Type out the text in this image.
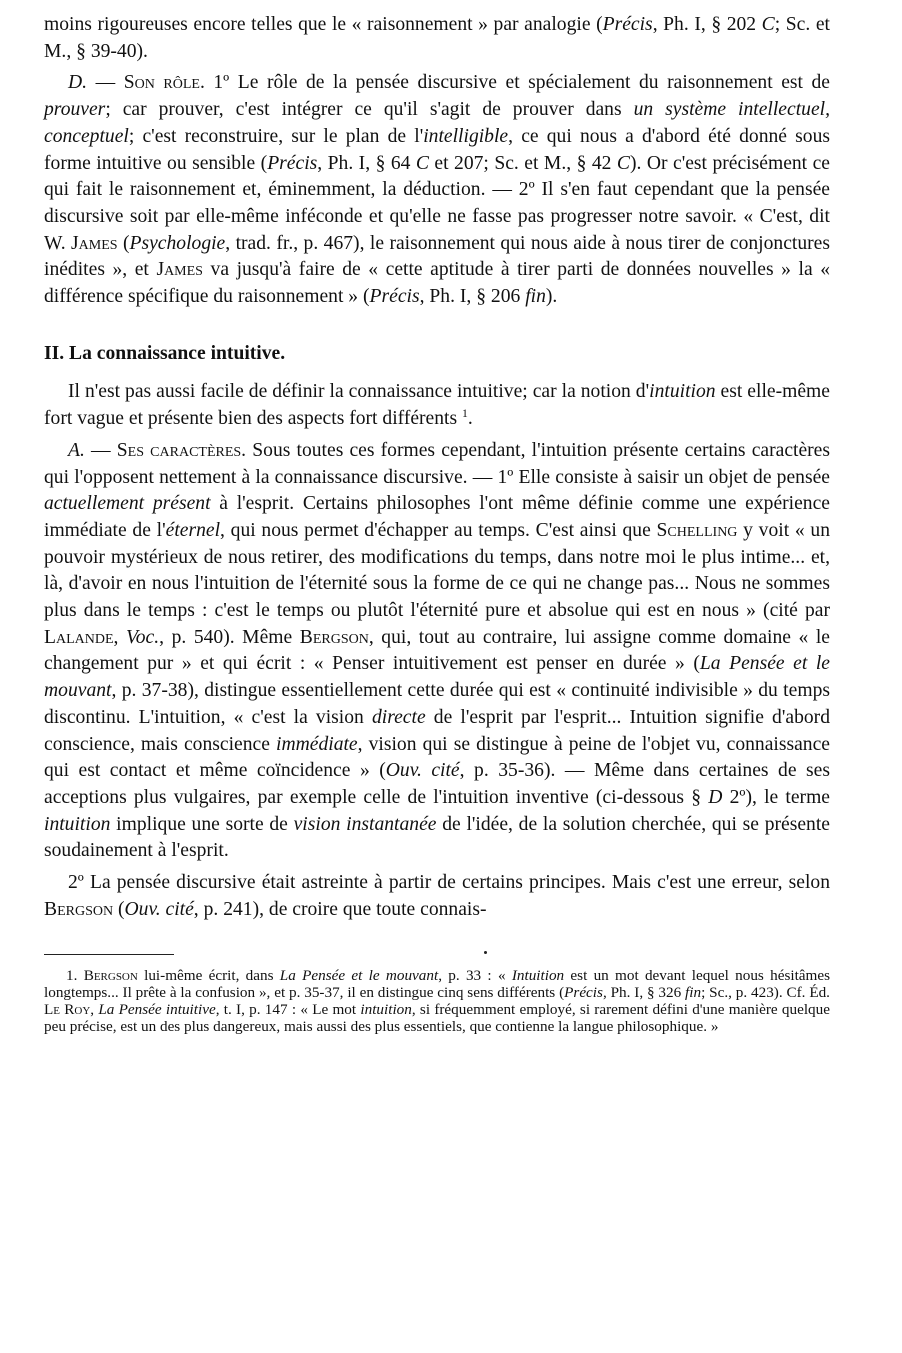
moins rigoureuses encore telles que le « raisonnement » par analogie (Précis, Ph. I, § 202 C; Sc. et M., § 39-40).

D. — Son rôle. 1º Le rôle de la pensée discursive et spécialement du raisonnement est de prouver; car prouver, c'est intégrer ce qu'il s'agit de prouver dans un système intellectuel, conceptuel; c'est reconstruire, sur le plan de l'intelligible, ce qui nous a d'abord été donné sous forme intuitive ou sensible (Précis, Ph. I, § 64 C et 207; Sc. et M., § 42 C). Or c'est précisément ce qui fait le raisonnement et, éminemment, la déduction. — 2º Il s'en faut cependant que la pensée discursive soit par elle-même inféconde et qu'elle ne fasse pas progresser notre savoir. « C'est, dit W. James (Psychologie, trad. fr., p. 467), le raisonnement qui nous aide à nous tirer de conjonctures inédites », et James va jusqu'à faire de « cette aptitude à tirer parti de données nouvelles » la « différence spécifique du raisonnement » (Précis, Ph. I, § 206 fin).

II. La connaissance intuitive.

Il n'est pas aussi facile de définir la connaissance intuitive; car la notion d'intuition est elle-même fort vague et présente bien des aspects fort différents $^1$.

A. — Ses caractères. Sous toutes ces formes cependant, l'intuition présente certains caractères qui l'opposent nettement à la connaissance discursive. — 1º Elle consiste à saisir un objet de pensée actuellement présent à l'esprit. Certains philosophes l'ont même définie comme une expérience immédiate de l'éternel, qui nous permet d'échapper au temps. C'est ainsi que Schelling y voit « un pouvoir mystérieux de nous retirer, des modifications du temps, dans notre moi le plus intime... et, là, d'avoir en nous l'intuition de l'éternité sous la forme de ce qui ne change pas... Nous ne sommes plus dans le temps : c'est le temps ou plutôt l'éternité pure et absolue qui est en nous » (cité par Lalande, Voc., p. 540). Même Bergson, qui, tout au contraire, lui assigne comme domaine « le changement pur » et qui écrit : « Penser intuitivement est penser en durée » (La Pensée et le mouvant, p. 37-38), distingue essentiellement cette durée qui est « continuité indivisible » du temps discontinu. L'intuition, « c'est la vision directe de l'esprit par l'esprit... Intuition signifie d'abord conscience, mais conscience immédiate, vision qui se distingue à peine de l'objet vu, connaissance qui est contact et même coïncidence » (Ouv. cité, p. 35-36). — Même dans certaines de ses acceptions plus vulgaires, par exemple celle de l'intuition inventive (ci-dessous § D 2º), le terme intuition implique une sorte de vision instantanée de l'idée, de la solution cherchée, qui se présente soudainement à l'esprit.

2º La pensée discursive était astreinte à partir de certains principes. Mais c'est une erreur, selon Bergson (Ouv. cité, p. 241), de croire que toute connais-

1. Bergson lui-même écrit, dans La Pensée et le mouvant, p. 33 : « Intuition est un mot devant lequel nous hésitâmes longtemps... Il prête à la confusion », et p. 35-37, il en distingue cinq sens différents (Précis, Ph. I, § 326 fin; Sc., p. 423). Cf. Éd. Le Roy, La Pensée intuitive, t. I, p. 147 : « Le mot intuition, si fréquemment employé, si rarement défini d'une manière quelque peu précise, est un des plus dangereux, mais aussi des plus essentiels, que contienne la langue philosophique. »
